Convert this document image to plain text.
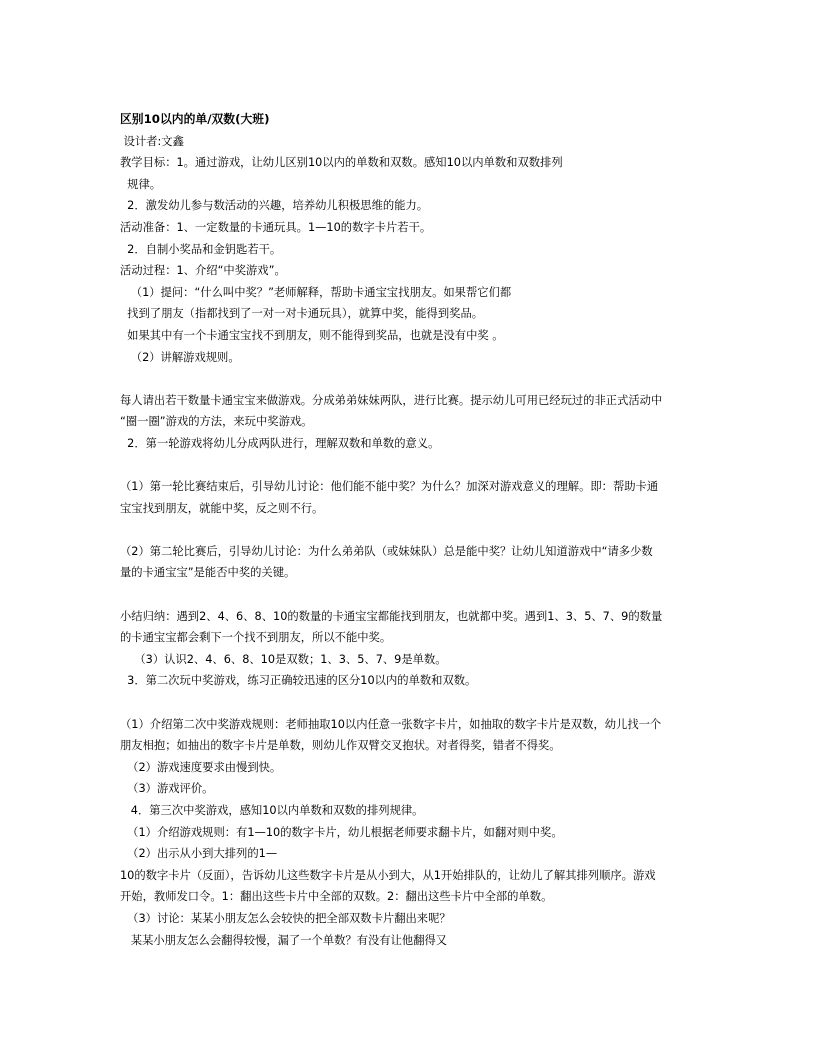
区别10以内的单/双数(大班)
设计者:文鑫
教学目标：1。通过游戏，让幼儿区别10以内的单数和双数。感知10以内单数和双数排列
规律。
2．激发幼儿参与数活动的兴趣，培养幼儿积极思维的能力。
活动准备：1、一定数量的卡通玩具。1—10的数字卡片若干。
2．自制小奖品和金钥匙若干。
活动过程：1、介绍“中奖游戏”。
（1）提问：“什么叫中奖？”老师解释，帮助卡通宝宝找朋友。如果帮它们都
找到了朋友（指都找到了一对一对卡通玩具），就算中奖，能得到奖品。
如果其中有一个卡通宝宝找不到朋友，则不能得到奖品，也就是没有中奖 。
（2）讲解游戏规则。
每人请出若干数量卡通宝宝来做游戏。分成弟弟妹妹两队，进行比赛。提示幼儿可用已经玩过的非正式活动中
“圈一圈”游戏的方法，来玩中奖游戏。
2．第一轮游戏将幼儿分成两队进行，理解双数和单数的意义。
（1）第一轮比赛结束后，引导幼儿讨论：他们能不能中奖？为什么？加深对游戏意义的理解。即：帮助卡通
宝宝找到朋友，就能中奖，反之则不行。
（2）第二轮比赛后，引导幼儿讨论：为什么弟弟队（或妹妹队）总是能中奖？让幼儿知道游戏中“请多少数
量的卡通宝宝”是能否中奖的关键。
小结归纳：遇到2、4、6、8、10的数量的卡通宝宝都能找到朋友，也就都中奖。遇到1、3、5、7、9的数量
的卡通宝宝都会剩下一个找不到朋友，所以不能中奖。
（3）认识2、4、6、8、10是双数；1、3、5、7、9是单数。
3．第二次玩中奖游戏，练习正确较迅速的区分10以内的单数和双数。
（1）介绍第二次中奖游戏规则：老师抽取10以内任意一张数字卡片，如抽取的数字卡片是双数，幼儿找一个
朋友相抱；如抽出的数字卡片是单数，则幼儿作双臂交叉抱状。对者得奖，错者不得奖。
（2）游戏速度要求由慢到快。
（3）游戏评价。
4．第三次中奖游戏，感知10以内单数和双数的排列规律。
（1）介绍游戏规则：有1—10的数字卡片，幼儿根据老师要求翻卡片，如翻对则中奖。
（2）出示从小到大排列的1—
10的数字卡片（反面），告诉幼儿这些数字卡片是从小到大，从1开始排队的，让幼儿了解其排列顺序。游戏
开始，教师发口令。1：翻出这些卡片中全部的双数。2：翻出这些卡片中全部的单数。
（3）讨论：某某小朋友怎么会较快的把全部双数卡片翻出来呢？
某某小朋友怎么会翻得较慢，漏了一个单数？有没有让他翻得又
